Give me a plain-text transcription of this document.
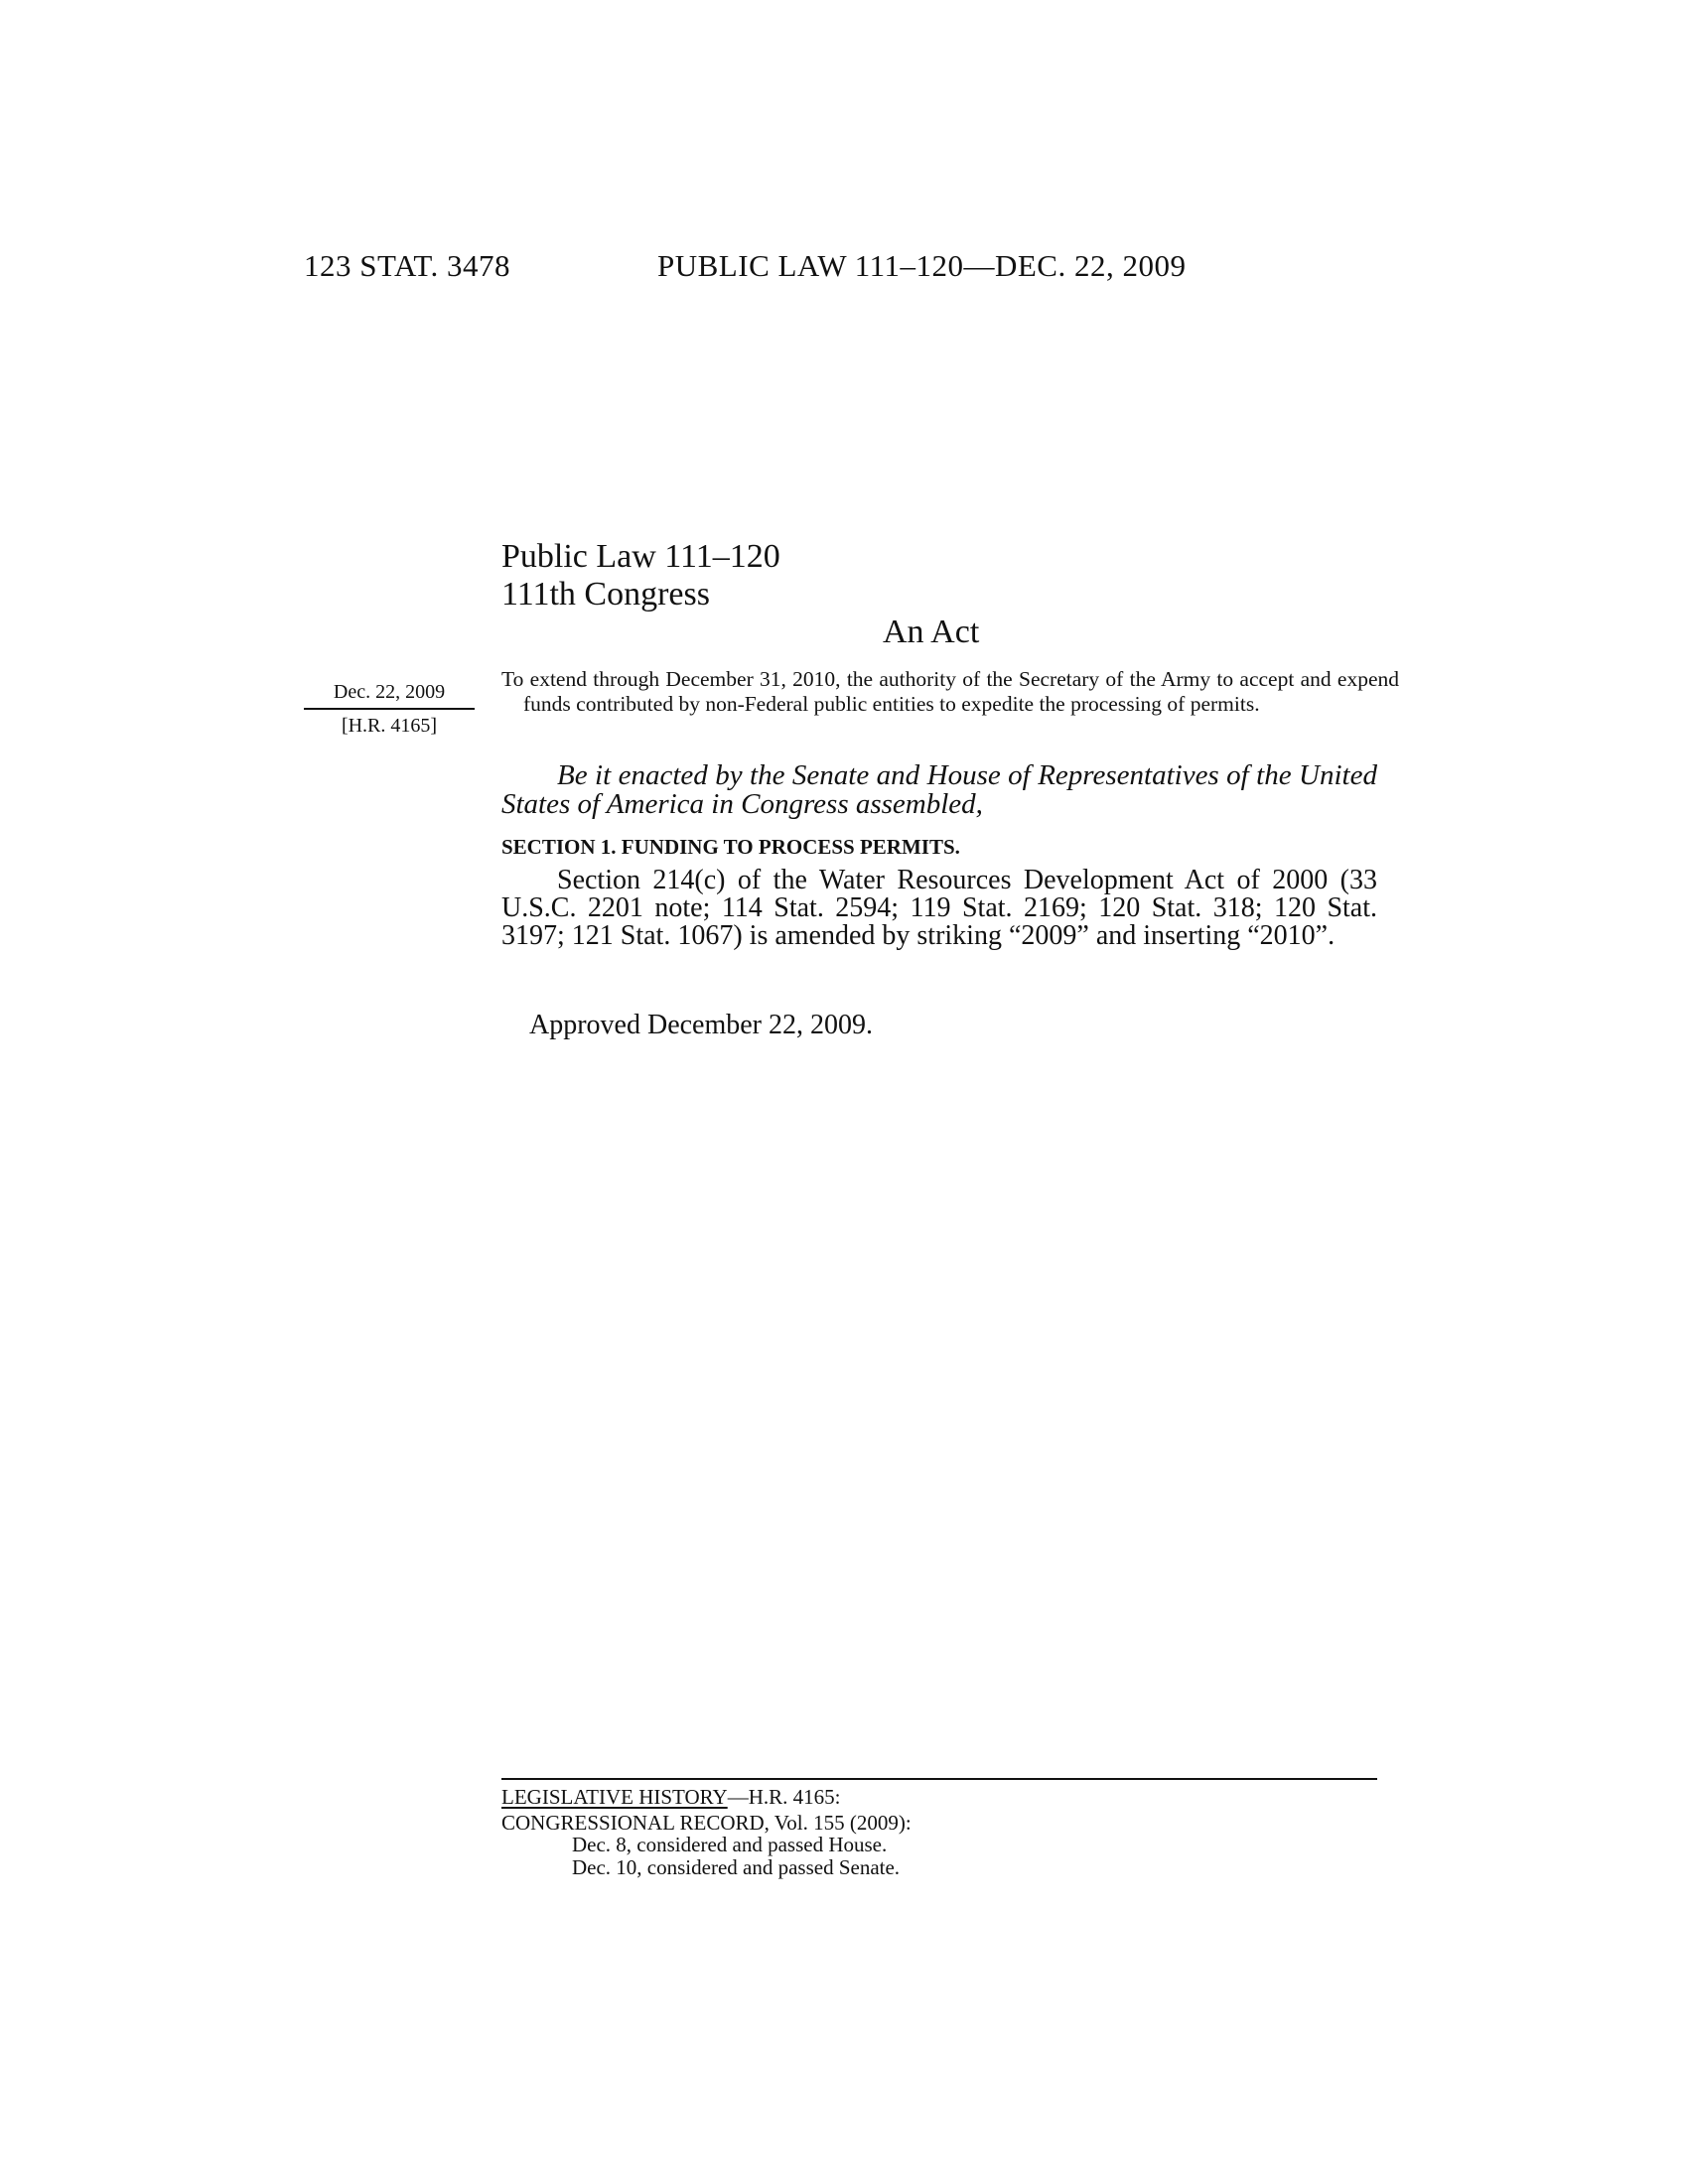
123 STAT. 3478	PUBLIC LAW 111–120—DEC. 22, 2009
Public Law 111–120
111th Congress
An Act
Dec. 22, 2009
[H.R. 4165]
To extend through December 31, 2010, the authority of the Secretary of the Army to accept and expend funds contributed by non-Federal public entities to expedite the processing of permits.
Be it enacted by the Senate and House of Representatives of the United States of America in Congress assembled,
SECTION 1. FUNDING TO PROCESS PERMITS.
Section 214(c) of the Water Resources Development Act of 2000 (33 U.S.C. 2201 note; 114 Stat. 2594; 119 Stat. 2169; 120 Stat. 318; 120 Stat. 3197; 121 Stat. 1067) is amended by striking “2009” and inserting “2010”.
Approved December 22, 2009.
LEGISLATIVE HISTORY—H.R. 4165:
CONGRESSIONAL RECORD, Vol. 155 (2009):
Dec. 8, considered and passed House.
Dec. 10, considered and passed Senate.
